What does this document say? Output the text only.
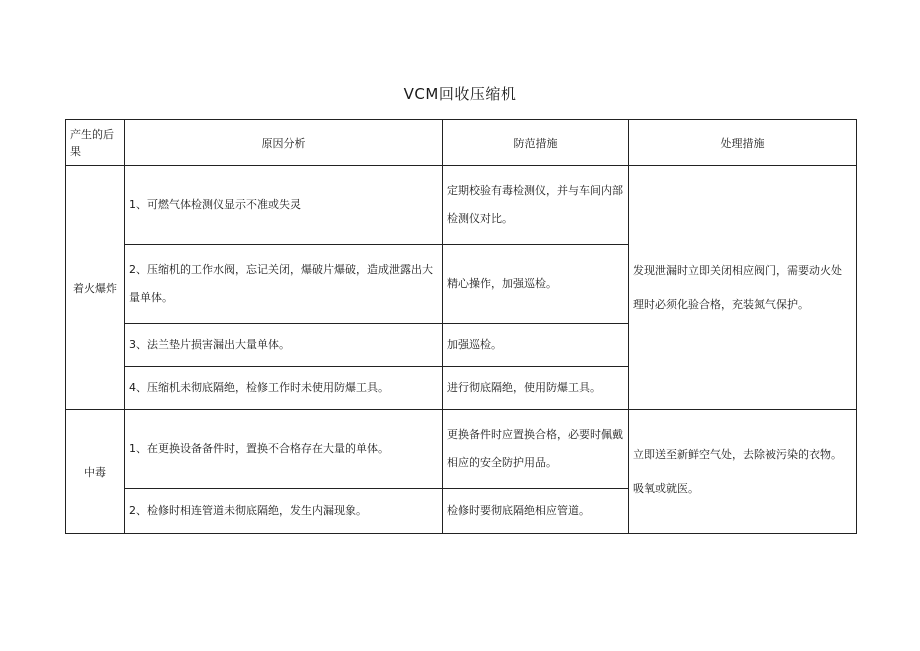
VCM回收压缩机
产生的后果	原因分析	防范措施	处理措施
着火爆炸	1、可燃气体检测仪显示不准或失灵	定期校验有毒检测仪，并与车间内部检测仪对比。	发现泄漏时立即关闭相应阀门，需要动火处理时必须化验合格，充装氮气保护。
	2、压缩机的工作水阀，忘记关闭，爆破片爆破，造成泄露出大量单体。	精心操作，加强巡检。	
	3、法兰垫片损害漏出大量单体。	加强巡检。	
	4、压缩机未彻底隔绝，检修工作时未使用防爆工具。	进行彻底隔绝，使用防爆工具。	
中毒	1、在更换设备备件时，置换不合格存在大量的单体。	更换备件时应置换合格，必要时佩戴相应的安全防护用品。	立即送至新鲜空气处，去除被污染的衣物。吸氧或就医。
	2、检修时相连管道未彻底隔绝，发生内漏现象。	检修时要彻底隔绝相应管道。	
